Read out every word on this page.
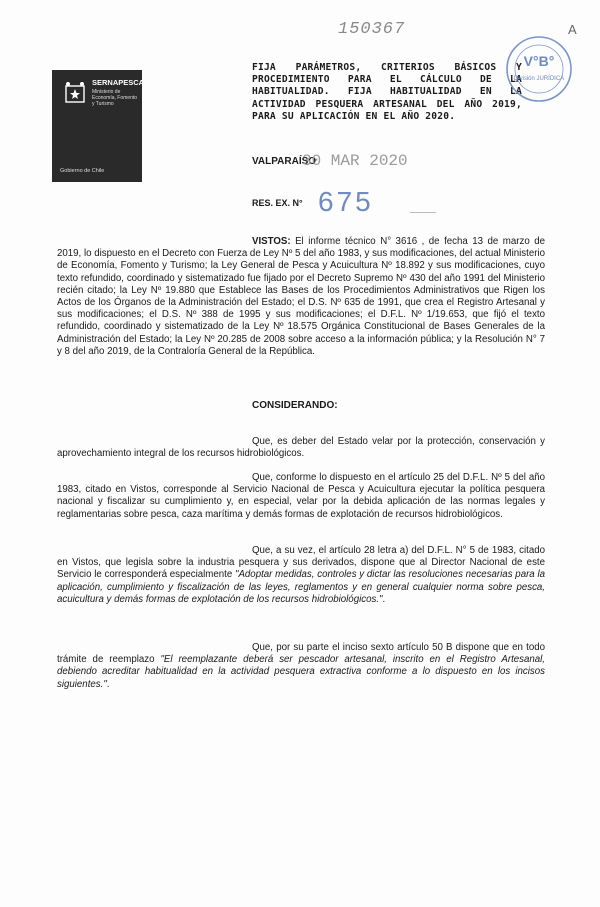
150367	A
SERNAPESCA
Ministerio de Economía, Fomento y Turismo
Gobierno de Chile
FIJA PARÁMETROS, CRITERIOS BÁSICOS Y PROCEDIMIENTO PARA EL CÁLCULO DE LA HABITUALIDAD. FIJA HABITUALIDAD EN LA ACTIVIDAD PESQUERA ARTESANAL DEL AÑO 2019, PARA SU APLICACIÓN EN EL AÑO 2020.
V°B°
División JURÍDICA
VALPARAÍSO
30 MAR 2020
RES. EX. N° 675
VISTOS: El informe técnico N° 3616 , de fecha 13 de marzo de 2019, lo dispuesto en el Decreto con Fuerza de Ley Nº 5 del año 1983, y sus modificaciones, del actual Ministerio de Economía, Fomento y Turismo; la Ley General de Pesca y Acuicultura Nº 18.892 y sus modificaciones, cuyo texto refundido, coordinado y sistematizado fue fijado por el Decreto Supremo Nº 430 del año 1991 del Ministerio recién citado; la Ley Nº 19.880 que Establece las Bases de los Procedimientos Administrativos que Rigen los Actos de los Órganos de la Administración del Estado; el D.S. Nº 635 de 1991, que crea el Registro Artesanal y sus modificaciones; el D.S. Nº 388 de 1995 y sus modificaciones; el D.F.L. Nº 1/19.653, que fijó el texto refundido, coordinado y sistematizado de la Ley Nº 18.575 Orgánica Constitucional de Bases Generales de la Administración del Estado; la Ley Nº 20.285 de 2008 sobre acceso a la información pública; y la Resolución N° 7 y 8 del año 2019, de la Contraloría General de la República.
CONSIDERANDO:
Que, es deber del Estado velar por la protección, conservación y aprovechamiento integral de los recursos hidrobiológicos.
Que, conforme lo dispuesto en el artículo 25 del D.F.L. Nº 5 del año 1983, citado en Vistos, corresponde al Servicio Nacional de Pesca y Acuicultura ejecutar la política pesquera nacional y fiscalizar su cumplimiento y, en especial, velar por la debida aplicación de las normas legales y reglamentarias sobre pesca, caza marítima y demás formas de explotación de recursos hidrobiológicos.
Que, a su vez, el artículo 28 letra a) del D.F.L. N° 5 de 1983, citado en Vistos, que legisla sobre la industria pesquera y sus derivados, dispone que al Director Nacional de este Servicio le corresponderá especialmente "Adoptar medidas, controles y dictar las resoluciones necesarias para la aplicación, cumplimiento y fiscalización de las leyes, reglamentos y en general cualquier norma sobre pesca, acuicultura y demás formas de explotación de los recursos hidrobiológicos.".
Que, por su parte el inciso sexto artículo 50 B dispone que en todo trámite de reemplazo "El reemplazante deberá ser pescador artesanal, inscrito en el Registro Artesanal, debiendo acreditar habitualidad en la actividad pesquera extractiva conforme a lo dispuesto en los incisos siguientes.".
